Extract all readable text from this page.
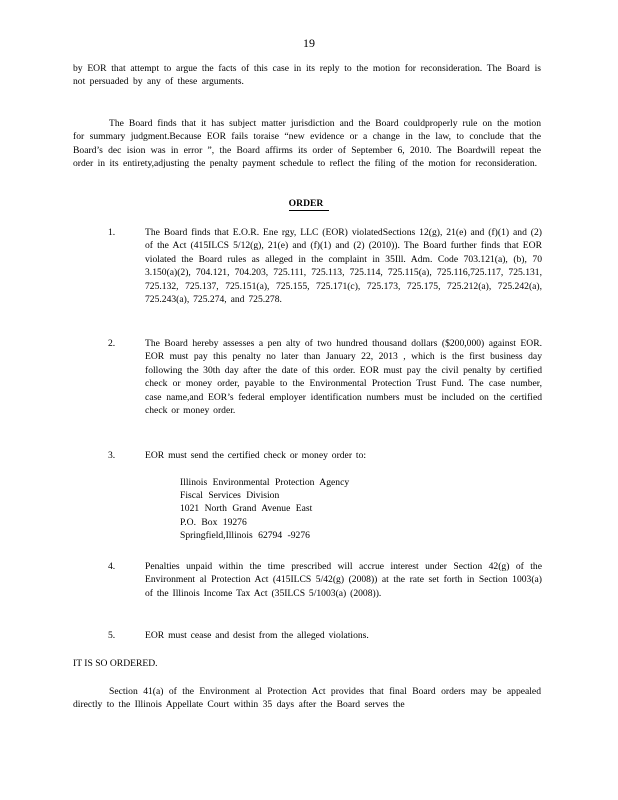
19

by EOR that attempt to argue the facts of this case in its reply to the motion for reconsideration. The Board is not persuaded by any of these arguments.

The Board finds that it has subject matter jurisdiction and the Board couldproperly rule on the motion for summary judgment.Because EOR fails toraise “new evidence or a change in the law, to conclude that the Board’s dec ision was in error ”, the Board affirms its order of September 6, 2010. The Boardwill repeat the order in its entirety,adjusting the penalty payment schedule to reflect the filing of the motion for reconsideration.

ORDER
1.	The Board finds that E.O.R. Ene rgy, LLC (EOR) violatedSections 12(g), 21(e) and (f)(1) and (2) of the Act (415ILCS 5/12(g), 21(e) and (f)(1) and (2) (2010)). The Board further finds that EOR violated the Board rules as alleged in the complaint in 35Ill. Adm. Code 703.121(a), (b), 70 3.150(a)(2), 704.121, 704.203, 725.111, 725.113, 725.114, 725.115(a), 725.116,725.117, 725.131, 725.132, 725.137, 725.151(a), 725.155, 725.171(c), 725.173, 725.175, 725.212(a), 725.242(a), 725.243(a), 725.274, and 725.278.
2.	The Board hereby assesses a pen alty of two hundred thousand dollars ($200,000) against EOR. EOR must pay this penalty no later than January 22, 2013 , which is the first business day following the 30th day after the date of this order. EOR must pay the civil penalty by certified check or money order, payable to the Environmental Protection Trust Fund. The case number, case name,and EOR’s federal employer identification numbers must be included on the certified check or money order.
3.	EOR must send the certified check or money order to:
Illinois Environmental Protection Agency
Fiscal Services Division
1021 North Grand Avenue East
P.O. Box 19276
Springfield,Illinois 62794 -9276
4.	Penalties unpaid within the time prescribed will accrue interest under Section 42(g) of the Environment al Protection Act (415ILCS 5/42(g) (2008)) at the rate set forth in Section 1003(a) of the Illinois Income Tax Act (35ILCS 5/1003(a) (2008)).
5.	EOR must cease and desist from the alleged violations.
IT IS SO ORDERED.

Section 41(a) of the Environment al Protection Act provides that final Board orders may be appealed directly to the Illinois Appellate Court within 35 days after the Board serves the
